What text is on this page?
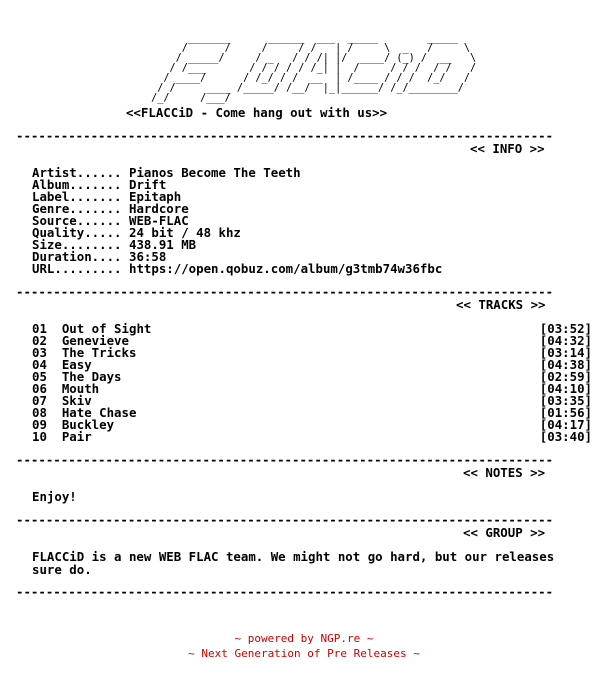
_______      ______  ___  _____        _____
/      /     /     / /   | /     \  _   /     \
/ _____/     / _   / / /| |/  ____/ (_) /  __   \
/ /___       / / / / / /_| |  /     / / /  / /   /
/ ____/      / /_/ / /  __  | /____ / / /  /_/   /
/ /     ____ /_____/ /__/  |_|______/ /_/________/
/_/     /___/
<<FLACCiD - Come hang out with us>>
------------------------------------------------------------------------
<< INFO >>
Artist...... Pianos Become The Teeth
Album....... Drift
Label....... Epitaph
Genre....... Hardcore
Source...... WEB-FLAC
Quality..... 24 bit / 48 khz
Size........ 438.91 MB
Duration.... 36:58
URL......... https://open.qobuz.com/album/g3tmb74w36fbc
------------------------------------------------------------------------
<< TRACKS >>
01 Out of Sight	[03:52]
02 Genevieve	[04:32]
03 The Tricks	[03:14]
04 Easy	[04:38]
05 The Days	[02:59]
06 Mouth	[04:10]
07 Skiv	[03:35]
08 Hate Chase	[01:56]
09 Buckley	[04:17]
10 Pair	[03:40]
------------------------------------------------------------------------
<< NOTES >>
Enjoy!
------------------------------------------------------------------------
<< GROUP >>
FLACCiD is a new WEB FLAC team. We might not go hard, but our releases
sure do.
------------------------------------------------------------------------
~ powered by NGP.re ~
~ Next Generation of Pre Releases ~
